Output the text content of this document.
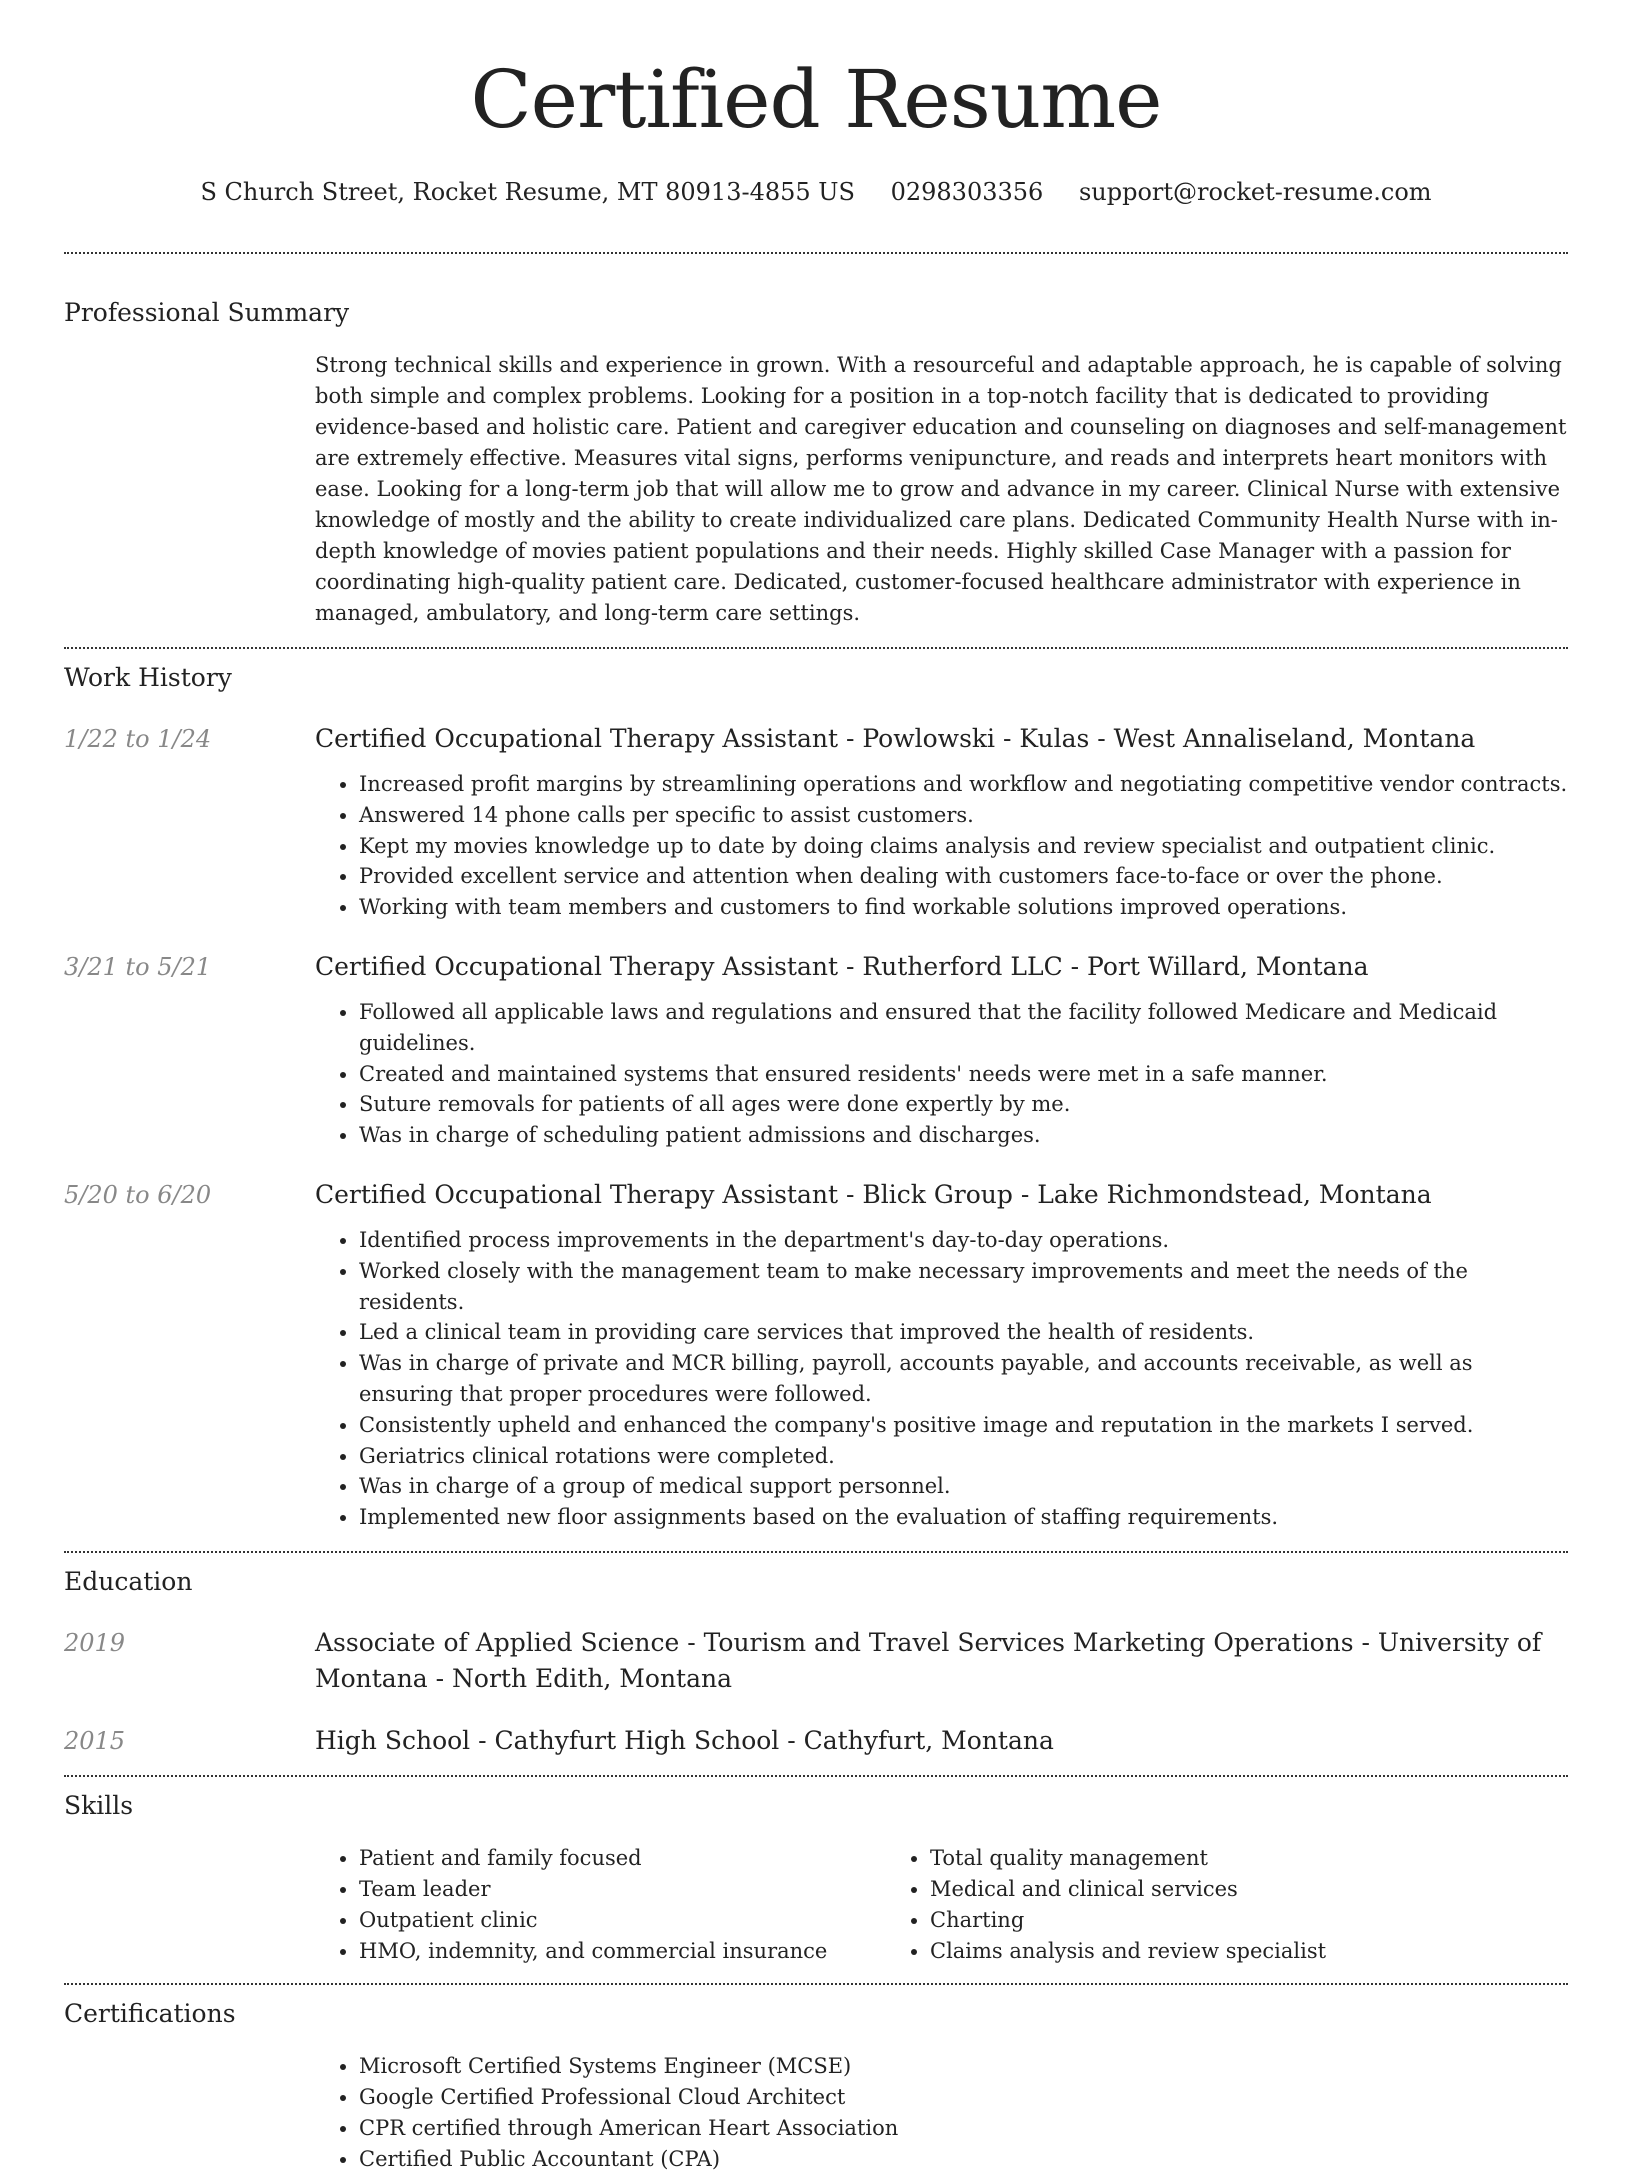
Certified Resume
S Church Street, Rocket Resume, MT 80913-4855 US 0298303356 support@rocket-resume.com
Professional Summary
Strong technical skills and experience in grown. With a resourceful and adaptable approach, he is capable of solving both simple and complex problems. Looking for a position in a top-notch facility that is dedicated to providing evidence-based and holistic care. Patient and caregiver education and counseling on diagnoses and self-management are extremely effective. Measures vital signs, performs venipuncture, and reads and interprets heart monitors with ease. Looking for a long-term job that will allow me to grow and advance in my career. Clinical Nurse with extensive knowledge of mostly and the ability to create individualized care plans. Dedicated Community Health Nurse with in-depth knowledge of movies patient populations and their needs. Highly skilled Case Manager with a passion for coordinating high-quality patient care. Dedicated, customer-focused healthcare administrator with experience in managed, ambulatory, and long-term care settings.
Work History
1/22 to 1/24	Certified Occupational Therapy Assistant - Powlowski - Kulas - West Annaliseland, Montana
• Increased profit margins by streamlining operations and workflow and negotiating competitive vendor contracts.
• Answered 14 phone calls per specific to assist customers.
• Kept my movies knowledge up to date by doing claims analysis and review specialist and outpatient clinic.
• Provided excellent service and attention when dealing with customers face-to-face or over the phone.
• Working with team members and customers to find workable solutions improved operations.
3/21 to 5/21	Certified Occupational Therapy Assistant - Rutherford LLC - Port Willard, Montana
• Followed all applicable laws and regulations and ensured that the facility followed Medicare and Medicaid guidelines.
• Created and maintained systems that ensured residents' needs were met in a safe manner.
• Suture removals for patients of all ages were done expertly by me.
• Was in charge of scheduling patient admissions and discharges.
5/20 to 6/20	Certified Occupational Therapy Assistant - Blick Group - Lake Richmondstead, Montana
• Identified process improvements in the department's day-to-day operations.
• Worked closely with the management team to make necessary improvements and meet the needs of the residents.
• Led a clinical team in providing care services that improved the health of residents.
• Was in charge of private and MCR billing, payroll, accounts payable, and accounts receivable, as well as ensuring that proper procedures were followed.
• Consistently upheld and enhanced the company's positive image and reputation in the markets I served.
• Geriatrics clinical rotations were completed.
• Was in charge of a group of medical support personnel.
• Implemented new floor assignments based on the evaluation of staffing requirements.
Education
2019	Associate of Applied Science - Tourism and Travel Services Marketing Operations - University of Montana - North Edith, Montana
2015	High School - Cathyfurt High School - Cathyfurt, Montana
Skills
• Patient and family focused
• Team leader
• Outpatient clinic
• HMO, indemnity, and commercial insurance
• Total quality management
• Medical and clinical services
• Charting
• Claims analysis and review specialist
Certifications
• Microsoft Certified Systems Engineer (MCSE)
• Google Certified Professional Cloud Architect
• CPR certified through American Heart Association
• Certified Public Accountant (CPA)
